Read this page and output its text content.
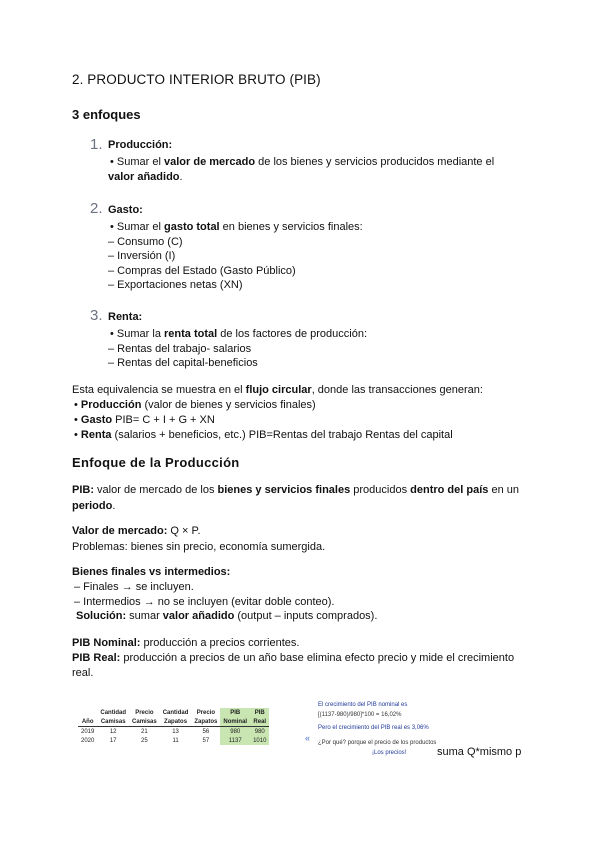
2. PRODUCTO INTERIOR BRUTO (PIB)
3 enfoques
1. Producción:
• Sumar el valor de mercado de los bienes y servicios producidos mediante el
valor añadido.
2. Gasto:
• Sumar el gasto total en bienes y servicios finales:
– Consumo (C)
– Inversión (I)
– Compras del Estado (Gasto Público)
– Exportaciones netas (XN)
3. Renta:
• Sumar la renta total de los factores de producción:
– Rentas del trabajo- salarios
– Rentas del capital-beneficios
Esta equivalencia se muestra en el flujo circular, donde las transacciones generan:
• Producción (valor de bienes y servicios finales)
• Gasto PIB= C + I + G + XN
• Renta (salarios + beneficios, etc.) PIB=Rentas del trabajo Rentas del capital
Enfoque de la Producción
PIB: valor de mercado de los bienes y servicios finales producidos dentro del país en un
periodo.
Valor de mercado: Q × P.
Problemas: bienes sin precio, economía sumergida.
Bienes finales vs intermedios:
– Finales → se incluyen.
– Intermedios → no se incluyen (evitar doble conteo).
Solución: sumar valor añadido (output – inputs comprados).
PIB Nominal: producción a precios corrientes.
PIB Real: producción a precios de un año base elimina efecto precio y mide el crecimiento
real.
	Cantidad	Precio	Cantidad	Precio	PIB	PIB
Año	Camisas	Camisas	Zapatos	Zapatos	Nominal	Real
2019	12	21	13	56	980	980
2020	17	25	11	57	1137	1010
El crecimiento del PIB nominal es
[(1137-980)/980]*100 = 16,02%
Pero el crecimiento del PIB real es 3,06%
« ¿Por qué? porque el precio de los productos
¡Los precios!	suma Q*mismo p
